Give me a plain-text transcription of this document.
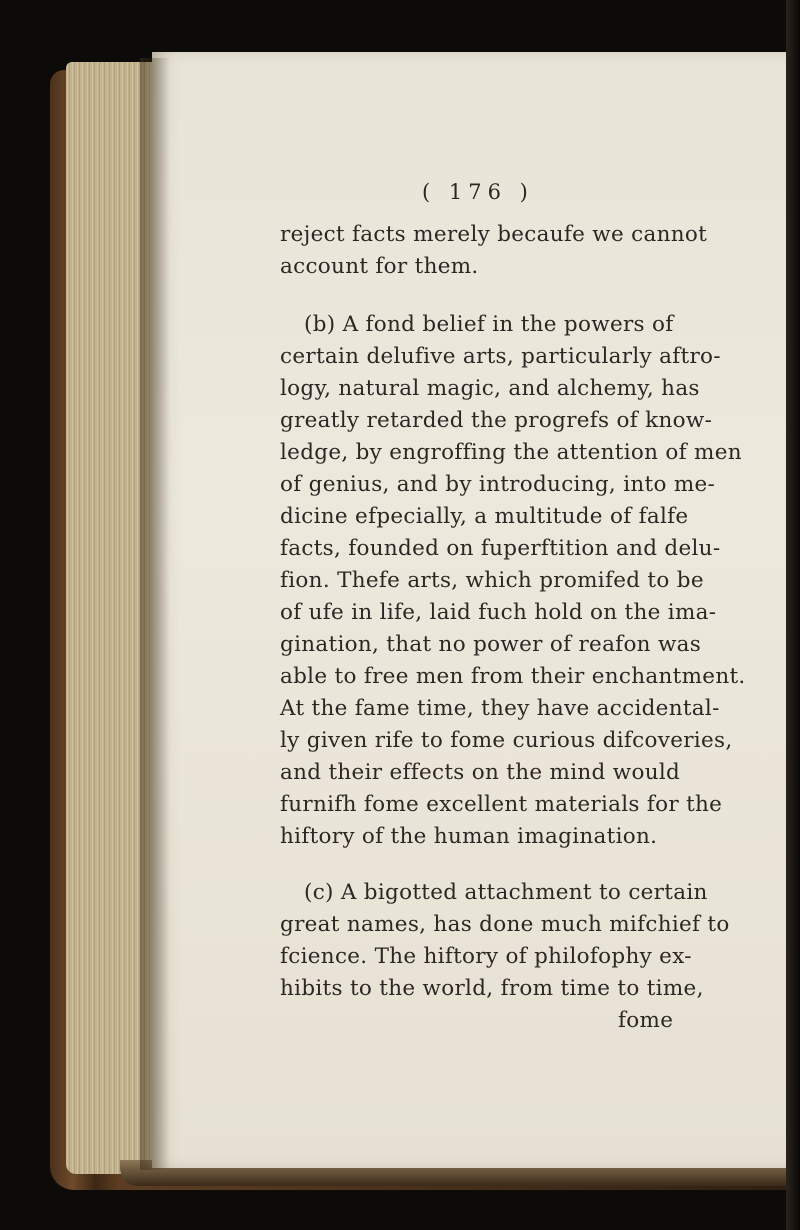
( 176 )
reject facts merely becaufe we cannot
account for them.
(b) A fond belief in the powers of
certain delufive arts, particularly aftro-
logy, natural magic, and alchemy, has
greatly retarded the progrefs of know-
ledge, by engroffing the attention of men
of genius, and by introducing, into me-
dicine efpecially, a multitude of falfe
facts, founded on fuperftition and delu-
fion. Thefe arts, which promifed to be
of ufe in life, laid fuch hold on the ima-
gination, that no power of reafon was
able to free men from their enchantment.
At the fame time, they have accidental-
ly given rife to fome curious difcoveries,
and their effects on the mind would
furnifh fome excellent materials for the
hiftory of the human imagination.
(c) A bigotted attachment to certain
great names, has done much mifchief to
fcience. The hiftory of philofophy ex-
hibits to the world, from time to time,
fome
